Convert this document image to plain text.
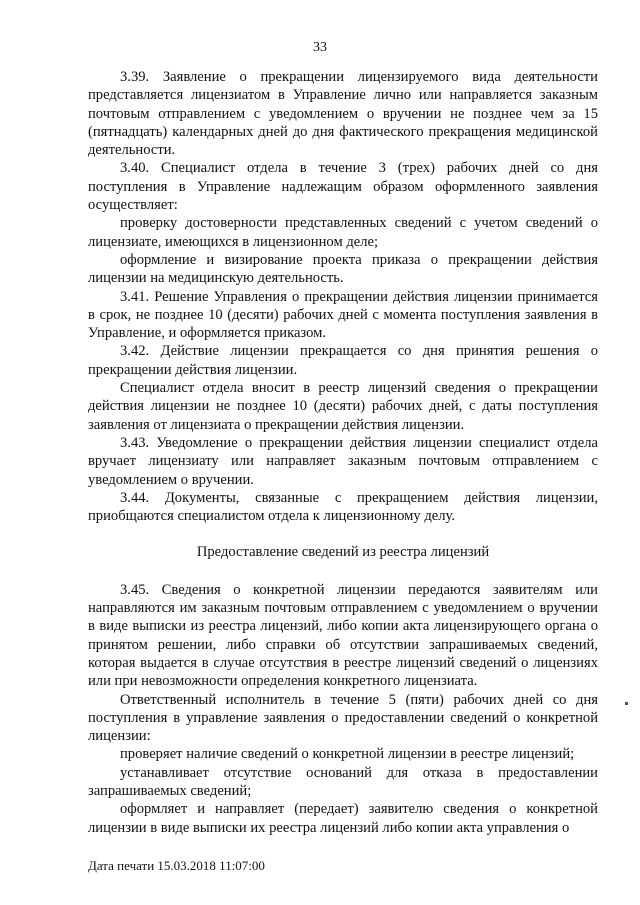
33

3.39. Заявление о прекращении лицензируемого вида деятельности представляется лицензиатом в Управление лично или направляется заказным почтовым отправлением с уведомлением о вручении не позднее чем за 15 (пятнадцать) календарных дней до дня фактического прекращения медицинской деятельности.

3.40. Специалист отдела в течение 3 (трех) рабочих дней со дня поступления в Управление надлежащим образом оформленного заявления осуществляет:

проверку достоверности представленных сведений с учетом сведений о лицензиате, имеющихся в лицензионном деле;

оформление и визирование проекта приказа о прекращении действия лицензии на медицинскую деятельность.

3.41. Решение Управления о прекращении действия лицензии принимается в срок, не позднее 10 (десяти) рабочих дней с момента поступления заявления в Управление, и оформляется приказом.

3.42. Действие лицензии прекращается со дня принятия решения о прекращении действия лицензии.

Специалист отдела вносит в реестр лицензий сведения о прекращении действия лицензии не позднее 10 (десяти) рабочих дней, с даты поступления заявления от лицензиата о прекращении действия лицензии.

3.43. Уведомление о прекращении действия лицензии специалист отдела вручает лицензиату или направляет заказным почтовым отправлением с уведомлением о вручении.

3.44. Документы, связанные с прекращением действия лицензии, приобщаются специалистом отдела к лицензионному делу.

Предоставление сведений из реестра лицензий

3.45. Сведения о конкретной лицензии передаются заявителям или направляются им заказным почтовым отправлением с уведомлением о вручении в виде выписки из реестра лицензий, либо копии акта лицензирующего органа о принятом решении, либо справки об отсутствии запрашиваемых сведений, которая выдается в случае отсутствия в реестре лицензий сведений о лицензиях или при невозможности определения конкретного лицензиата.

Ответственный исполнитель в течение 5 (пяти) рабочих дней со дня поступления в управление заявления о предоставлении сведений о конкретной лицензии:

проверяет наличие сведений о конкретной лицензии в реестре лицензий;

устанавливает отсутствие оснований для отказа в предоставлении запрашиваемых сведений;

оформляет и направляет (передает) заявителю сведения о конкретной лицензии в виде выписки их реестра лицензий либо копии акта управления о

Дата печати 15.03.2018 11:07:00
